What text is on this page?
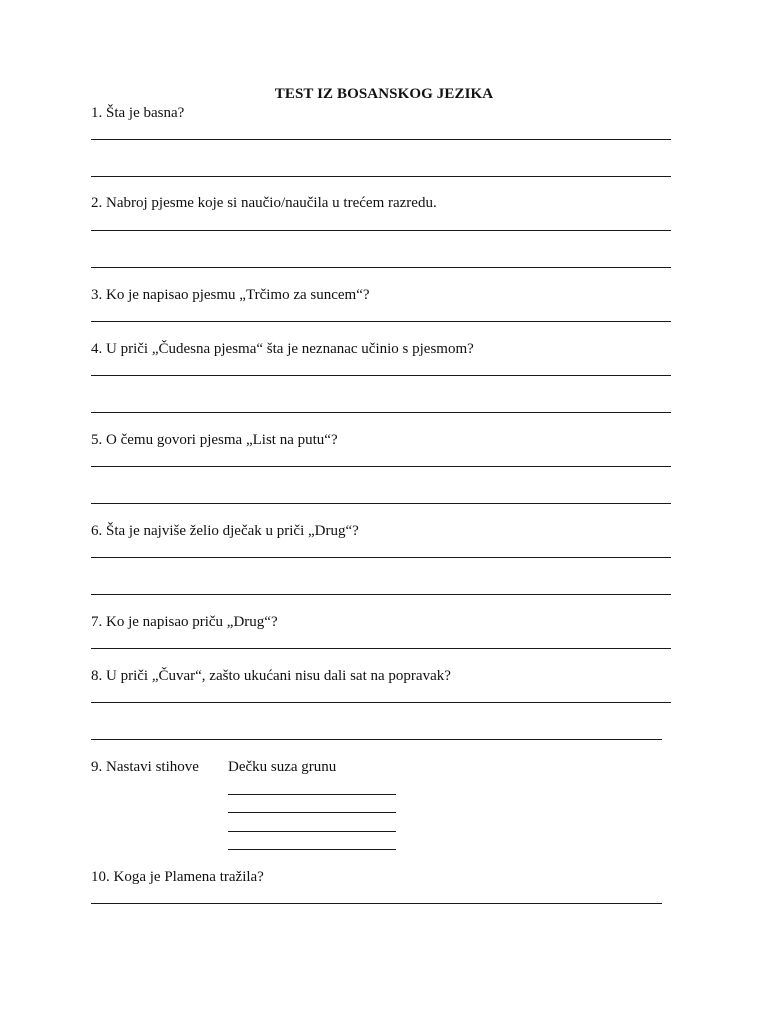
TEST IZ BOSANSKOG JEZIKA
1. Šta je basna?
2. Nabroj pjesme koje si naučio/naučila u trećem razredu.
3. Ko je napisao pjesmu „Trčimo za suncem“?
4. U priči „Čudesna pjesma“ šta je neznanac učinio s pjesmom?
5. O čemu govori pjesma „List na putu“?
6. Šta je najviše želio dječak u priči „Drug“?
7. Ko je napisao priču „Drug“?
8. U priči „Čuvar“, zašto ukućani nisu dali sat na popravak?
9. Nastavi stihove Dečku suza grunu
10. Koga je Plamena tražila?
